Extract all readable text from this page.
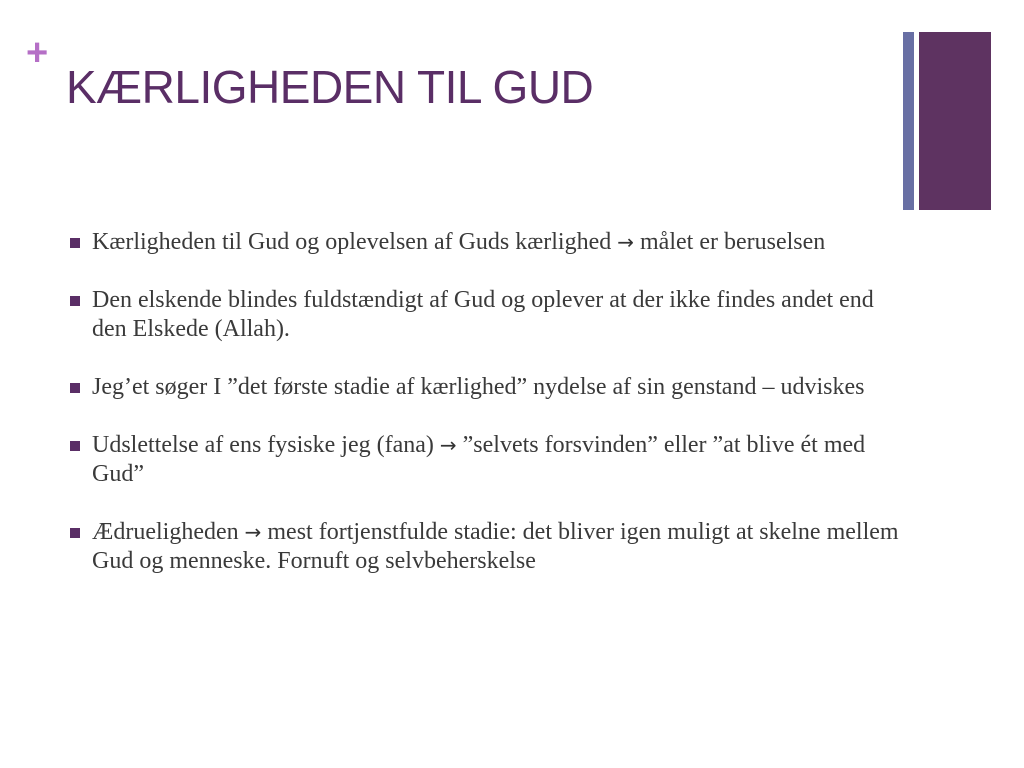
+
KÆRLIGHEDEN TIL GUD
Kærligheden til Gud og oplevelsen af Guds kærlighed → målet er beruselsen
Den elskende blindes fuldstændigt af Gud og oplever at der ikke findes andet end den Elskede (Allah).
Jeg’et søger I ”det første stadie af kærlighed” nydelse af sin genstand – udviskes
Udslettelse af ens fysiske jeg (fana) → ”selvets forsvinden” eller ”at blive ét med Gud”
Ædrueligheden → mest fortjenstfulde stadie: det bliver igen muligt at skelne mellem Gud og menneske. Fornuft og selvbeherskelse
